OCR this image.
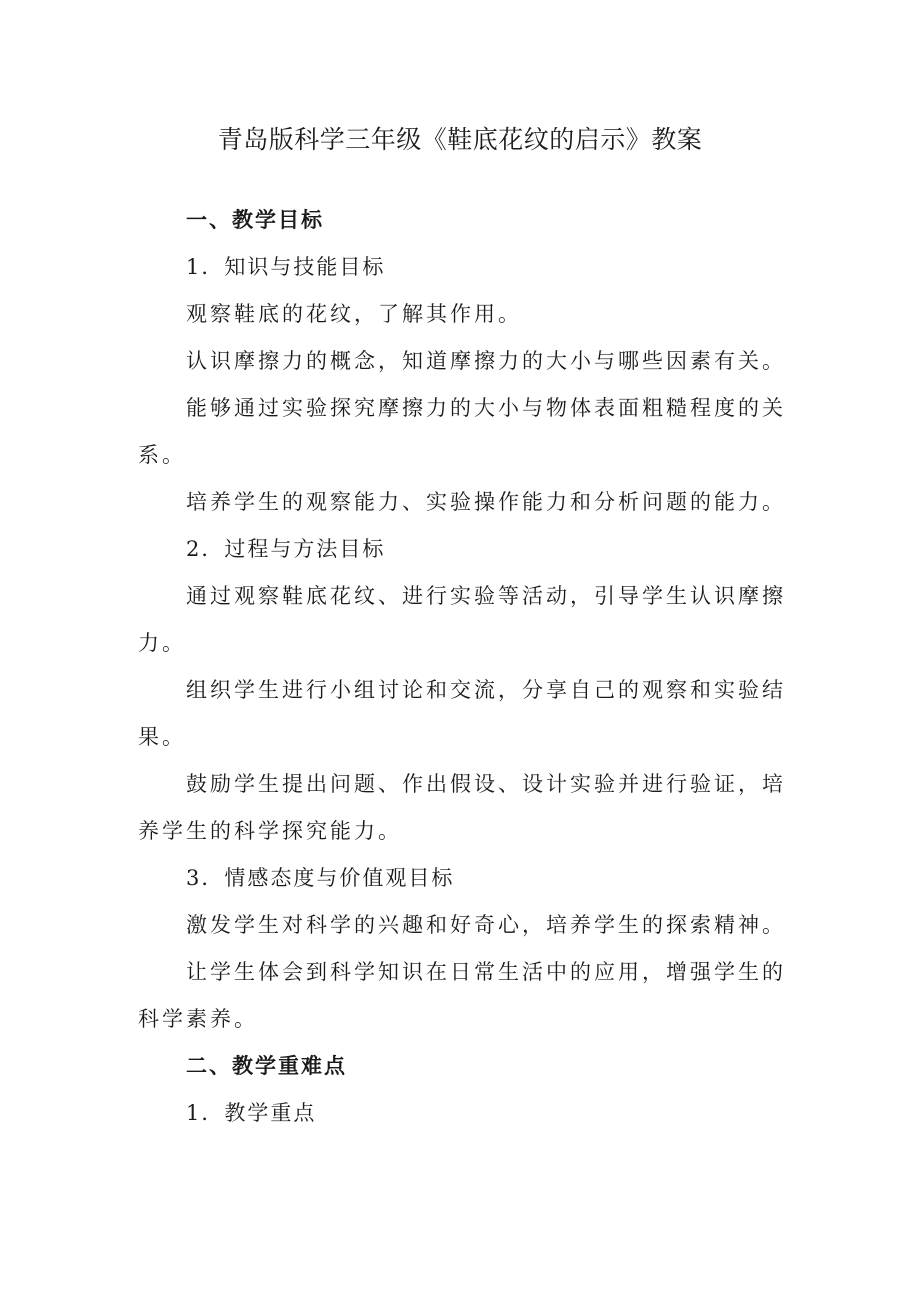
青岛版科学三年级《鞋底花纹的启示》教案

一、教学目标

1．知识与技能目标

观察鞋底的花纹，了解其作用。

认识摩擦力的概念，知道摩擦力的大小与哪些因素有关。

能够通过实验探究摩擦力的大小与物体表面粗糙程度的关系。

培养学生的观察能力、实验操作能力和分析问题的能力。

2．过程与方法目标

通过观察鞋底花纹、进行实验等活动，引导学生认识摩擦力。

组织学生进行小组讨论和交流，分享自己的观察和实验结果。

鼓励学生提出问题、作出假设、设计实验并进行验证，培养学生的科学探究能力。

3．情感态度与价值观目标

激发学生对科学的兴趣和好奇心，培养学生的探索精神。

让学生体会到科学知识在日常生活中的应用，增强学生的科学素养。

二、教学重难点

1．教学重点
